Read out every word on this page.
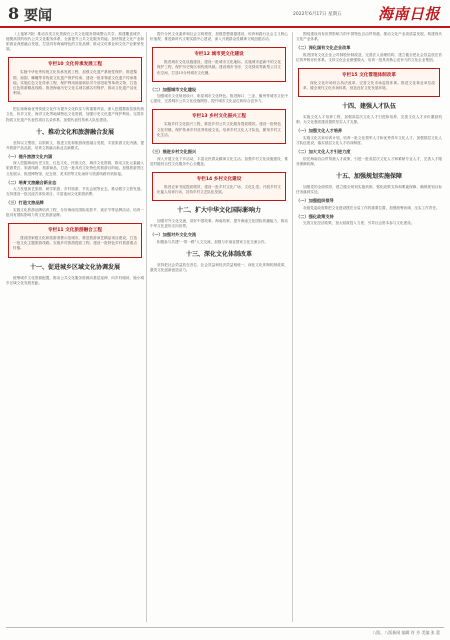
8 要闻	2022年6月17日 星期五 海南日报

（上接第7版）推动各类文化资源在公共文化服务领域整合共享，构建覆盖城乡、便捷高效的现代公共文化服务体系，全面提升公共文化服务效能。加快推进文化产业和旅游业深度融合发展，打造具有海南特色的文化品牌，推动文化事业和文化产业繁荣发展。

专栏10 文化传承发展工程

实施中华优秀传统文化传承发展工程，加强文化遗产系统性保护。推进黎锦、琼剧、椰雕等非物质文化遗产保护传承，建设一批非物质文化遗产传承基地。实施红色文化传承工程，保护利用琼崖纵队司令部旧址等革命文物，打造红色旅游精品线路。推进海南历史文化名城名镇名村保护，推动文化遗产活化利用。

把弘扬海南优秀传统文化作为提升文化软实力的重要内容，深入挖掘黎族苗族传统文化、侨乡文化、海洋文化等地域特色文化资源，加强历史文化遗产保护利用。完善非物质文化遗产代表性项目名录体系，加强代表性传承人队伍建设。

十、推动文化和旅游融合发展

坚持以文塑旅、以旅彰文，推进文化和旅游深度融合发展，丰富旅游文化内涵，提升旅游产品品质，培育文旅融合新业态新模式。

（一）提升旅游文化内涵

深入挖掘海南历史文化、红色文化、民族文化、海洋文化资源，推动文化元素融入旅游景区、旅游线路、旅游商品，打造一批具有文化特色的旅游目的地。加强旅游景区文化展示，推进博物馆、纪念馆、美术馆等文化场所与旅游线路有机衔接。

（二）培育文旅融合新业态

大力发展演艺旅游、研学旅游、乡村旅游、节庆会展等业态，推动数字文旅发展。支持建设一批沉浸式体验项目，丰富夜间文化旅游消费。

（三）打造文旅品牌

实施文化旅游品牌培育工程，办好海南岛国际电影节、欢乐节等品牌活动，培育一批具有国际影响力的文化旅游品牌。

专栏11 文化旅游融合工程

建设国家级文化和旅游消费示范城市，推进旅游演艺精品项目建设，打造一批文化主题旅游线路。实施乡村旅游提质工程，建设一批特色乡村旅游重点村镇。

十一、促进城乡区域文化协调发展

统筹城乡文化资源配置，推动公共文化服务资源向基层延伸、向乡村倾斜，缩小城乡区域文化发展差距。

提升全民文化素养和社会文明程度，加强思想道德建设，培育和践行社会主义核心价值观，推进新时代文明实践中心建设，深入开展群众性精神文明创建活动。

专栏12 城市更文化建设

推进城市文化设施建设，建设一批城市文化地标。实施城市更新中的文化保护工程，保护历史街区和传统风貌。建设城市书房、文化驿站等新型公共文化空间，打造15分钟城市文化圈。

（二）加强城市文化建设

加强城市文化规划设计，彰显城市文化特色。推进海口、三亚、儋州等城市文化中心建设，完善城市公共文化设施网络，提升城市文化品位和综合竞争力。

专栏13 乡村文化振兴工程

实施乡村文化振兴工程，推进乡村公共文化服务提质增效。建设一批特色文化村镇，保护传承乡村优秀传统文化。培养乡村文化人才队伍，繁荣乡村文化生活。

（三）推进乡村文化振兴

深入开展文化下乡活动，丰富农民群众精神文化生活。加强乡村文化设施建设，推进村级综合性文化服务中心全覆盖。

专栏14 乡村文化建设

推进农家书屋提质增效，建设一批乡村文化广场、文化礼堂。开展乡村文化能人培育行动，扶持乡村文艺队伍发展。

十二、扩大中华文化国际影响力

加强对外文化交流，讲好中国故事、海南故事，提升海南文化国际传播能力，推动中华文化更好走向世界。

（一）加强对外文化交流

积极参与共建"一带一路"人文交流，加强与东南亚国家文化交流合作。

十三、深化文化体制改革

坚持把社会效益放在首位、社会效益和经济效益相统一，深化文化体制机制改革，激发文化创新创造活力。

围绕建设具有世界影响力的中国特色自由贸易港，推动文化产业高质量发展，构建现代文化产业体系。

（二）深化国有文化企业改革

推进国有文化企业公司制股份制改造，完善法人治理结构，建立健全把社会效益放在首位的考核评价体系。支持文化企业做强做大，培育一批具有核心竞争力的文化企业集团。

专栏15 文化管理体制改革

深化文化市场综合执法改革，完善文化市场监管体系。推进文化事业单位改革，健全现代文化市场体系，营造良好文化发展环境。

十四、建强人才队伍

实施文化人才培养工程，加强高层次文化人才引进和培养，完善文化人才评价激励机制，为文化强省建设提供坚实人才支撑。

（一）加强文化人才培养

实施文化名家培育计划，培养一批文化领军人才和优秀青年文化人才。加强基层文化人才队伍建设，落实基层文化人才培训制度。

（二）加大文化人才引进力度

依托海南自由贸易港人才政策，引进一批高层次文化人才和紧缺专业人才，完善人才服务保障机制。

十五、加强规划实施保障

加强党的全面领导，建立健全规划实施机制，强化政策支持和要素保障，确保规划目标任务落到实处。

（一）加强组织领导

各级党委政府要把文化建设摆在全局工作的重要位置，加强统筹协调，压实工作责任。

（二）强化政策支持

完善文化经济政策，加大财政投入力度，引导社会资本参与文化建设。

八版、八版新闻 编辑 符 芳 美编 张 蕾
